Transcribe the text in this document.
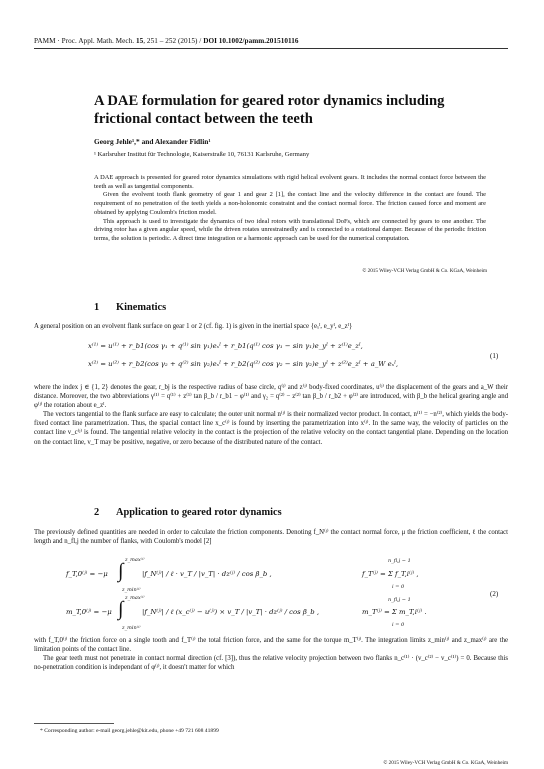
PAMM · Proc. Appl. Math. Mech. 15, 251 – 252 (2015) / DOI 10.1002/pamm.201510116
A DAE formulation for geared rotor dynamics including frictional contact between the teeth
Georg Jehle¹,* and Alexander Fidlin¹
¹ Karlsruher Institut für Technologie, Kaiserstraße 10, 76131 Karlsruhe, Germany

A DAE approach is presented for geared rotor dynamics simulations with rigid helical evolvent gears. It includes the normal contact force between the teeth as well as tangential components.

Given the evolvent tooth flank geometry of gear 1 and gear 2 [1], the contact line and the velocity difference in the contact are found. The requirement of no penetration of the teeth yields a non-holonomic constraint and the contact normal force. The friction caused force and moment are obtained by applying Coulomb's friction model.

This approach is used to investigate the dynamics of two ideal rotors with translational DoFs, which are connected by gears to one another. The driving rotor has a given angular speed, while the driven rotates unrestrainedly and is connected to a rotational damper. Because of the periodic friction terms, the solution is periodic. A direct time integration or a harmonic approach can be used for the numerical computation.

© 2015 Wiley-VCH Verlag GmbH & Co. KGaA, Weinheim
1 Kinematics

A general position on an evolvent flank surface on gear 1 or 2 (cf. fig. 1) is given in the inertial space {eₓᴵ, e_yᴵ, e_zᴵ}

x⁽¹⁾ = u⁽¹⁾ + r_b1(cos γ₁ + q⁽¹⁾ sin γ₁)eₓᴵ + r_b1(q⁽¹⁾ cos γ₁ − sin γ₁)e_yᴵ + z⁽¹⁾e_zᴵ,
x⁽²⁾ = u⁽²⁾ + r_b2(cos γ₂ + q⁽²⁾ sin γ₂)eₓᴵ + r_b2(q⁽²⁾ cos γ₂ − sin γ₂)e_yᴵ + z⁽²⁾e_zᴵ + a_W eₓᴵ,
(1)

where the index j ∈ {1, 2} denotes the gear, r_bj is the respective radius of base circle, q⁽ʲ⁾ and z⁽ʲ⁾ body-fixed coordinates, u⁽ʲ⁾ the displacement of the gears and a_W their distance. Moreover, the two abbreviations γ⁽¹⁾ = q⁽¹⁾ + z⁽¹⁾ tan β_b / r_b1 − φ⁽¹⁾ and γ₂ = q⁽²⁾ − z⁽²⁾ tan β_b / r_b2 + φ⁽²⁾ are introduced, with β_b the helical gearing angle and φ⁽ʲ⁾ the rotation about e_zᴵ.

The vectors tangential to the flank surface are easy to calculate; the outer unit normal n⁽ʲ⁾ is their normalized vector product. In contact, n⁽¹⁾ = −n⁽²⁾, which yields the body-fixed contact line parametrization. Thus, the spacial contact line x_c⁽ʲ⁾ is found by inserting the parametrization into x⁽ʲ⁾. In the same way, the velocity of particles on the contact line v_c⁽ʲ⁾ is found. The tangential relative velocity in the contact is the projection of the relative velocity on the contact tangential plane. Depending on the location on the contact line, v_T may be positive, negative, or zero because of the distributed nature of the contact.

2 Application to geared rotor dynamics

The previously defined quantities are needed in order to calculate the friction components. Denoting f_N⁽ʲ⁾ the contact normal force, μ the friction coefficient, ℓ the contact length and n_fl,j the number of flanks, with Coulomb's model [2]

f_T,0⁽ʲ⁾ = −μ ∫ z_max⁽ʲ⁾
z_min⁽ʲ⁾
|f_N⁽ʲ⁾| / ℓ · v_T / |v_T| · dz⁽ʲ⁾ / cos β_b ,
m_T,0⁽ʲ⁾ = −μ ∫ z_max⁽ʲ⁾
z_min⁽ʲ⁾
|f_N⁽ʲ⁾| / ℓ (x_c⁽ʲ⁾ − u⁽ʲ⁾) × v_T / |v_T| · dz⁽ʲ⁾ / cos β_b ,
n_fl,j − 1
f_T⁽ʲ⁾ = Σ f_T,i⁽ʲ⁾ ,
i = 0
n_fl,j − 1
m_T⁽ʲ⁾ = Σ m_T,i⁽ʲ⁾ .
i = 0
(2)

with f_T,0⁽ʲ⁾ the friction force on a single tooth and f_T⁽ʲ⁾ the total friction force, and the same for the torque m_T⁽ʲ⁾. The integration limits z_min⁽ʲ⁾ and z_max⁽ʲ⁾ are the limitation points of the contact line.

The gear teeth must not penetrate in contact normal direction (cf. [3]), thus the relative velocity projection between two flanks n_c⁽¹⁾ · (v_c⁽²⁾ − v_c⁽¹⁾) = 0. Because this no-penetration condition is independant of φ⁽ʲ⁾, it doesn't matter for which

* Corresponding author: e-mail georg.jehle@kit.edu, phone +49 721 608 41899
© 2015 Wiley-VCH Verlag GmbH & Co. KGaA, Weinheim
